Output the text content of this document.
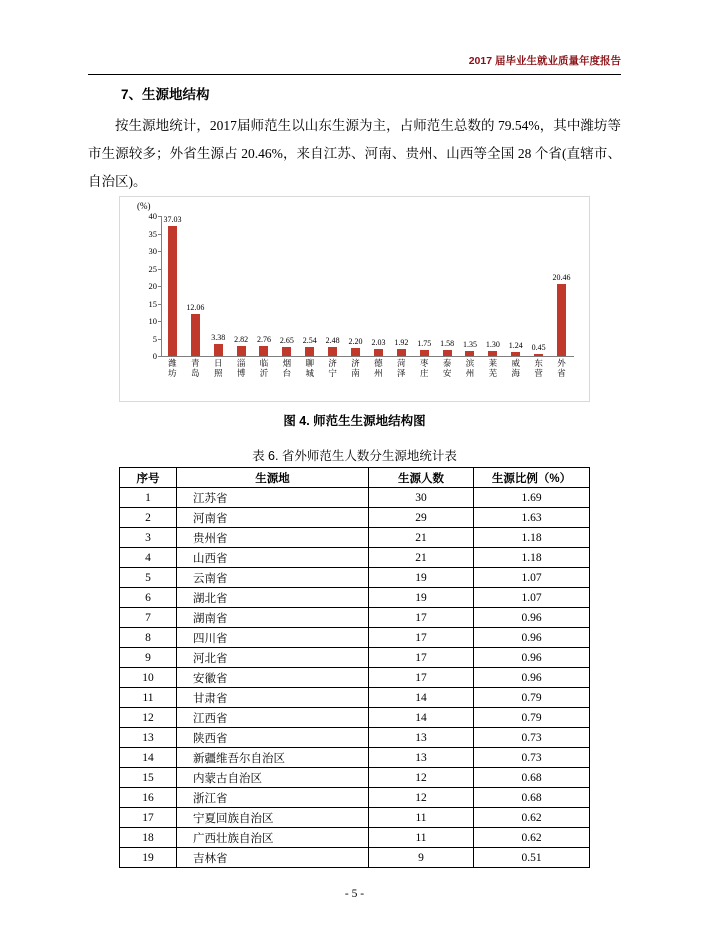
2017 届毕业生就业质量年度报告
7、生源地结构
按生源地统计，2017届师范生以山东生源为主，占师范生总数的 79.54%，其中潍坊等市生源较多；外省生源占 20.46%，来自江苏、河南、贵州、山西等全国 28 个省(直辖市、自治区)。
(%)
0
5
10
15
20
25
30
35
40 37.03
潍坊
12.06
青岛
3.38
日照
2.82
淄博
2.76
临沂
2.65
烟台
2.54
聊城
2.48
济宁
2.20
济南
2.03
德州
1.92
菏泽
1.75
枣庄
1.58
泰安
1.35
滨州
1.30
莱芜
1.24
威海
0.45
东营
20.46
外省
图 4. 师范生生源地结构图
表 6. 省外师范生人数分生源地统计表
序号	生源地	生源人数	生源比例（%）
1	江苏省	30	1.69
2	河南省	29	1.63
3	贵州省	21	1.18
4	山西省	21	1.18
5	云南省	19	1.07
6	湖北省	19	1.07
7	湖南省	17	0.96
8	四川省	17	0.96
9	河北省	17	0.96
10	安徽省	17	0.96
11	甘肃省	14	0.79
12	江西省	14	0.79
13	陕西省	13	0.73
14	新疆维吾尔自治区	13	0.73
15	内蒙古自治区	12	0.68
16	浙江省	12	0.68
17	宁夏回族自治区	11	0.62
18	广西壮族自治区	11	0.62
19	吉林省	9	0.51
- 5 -
